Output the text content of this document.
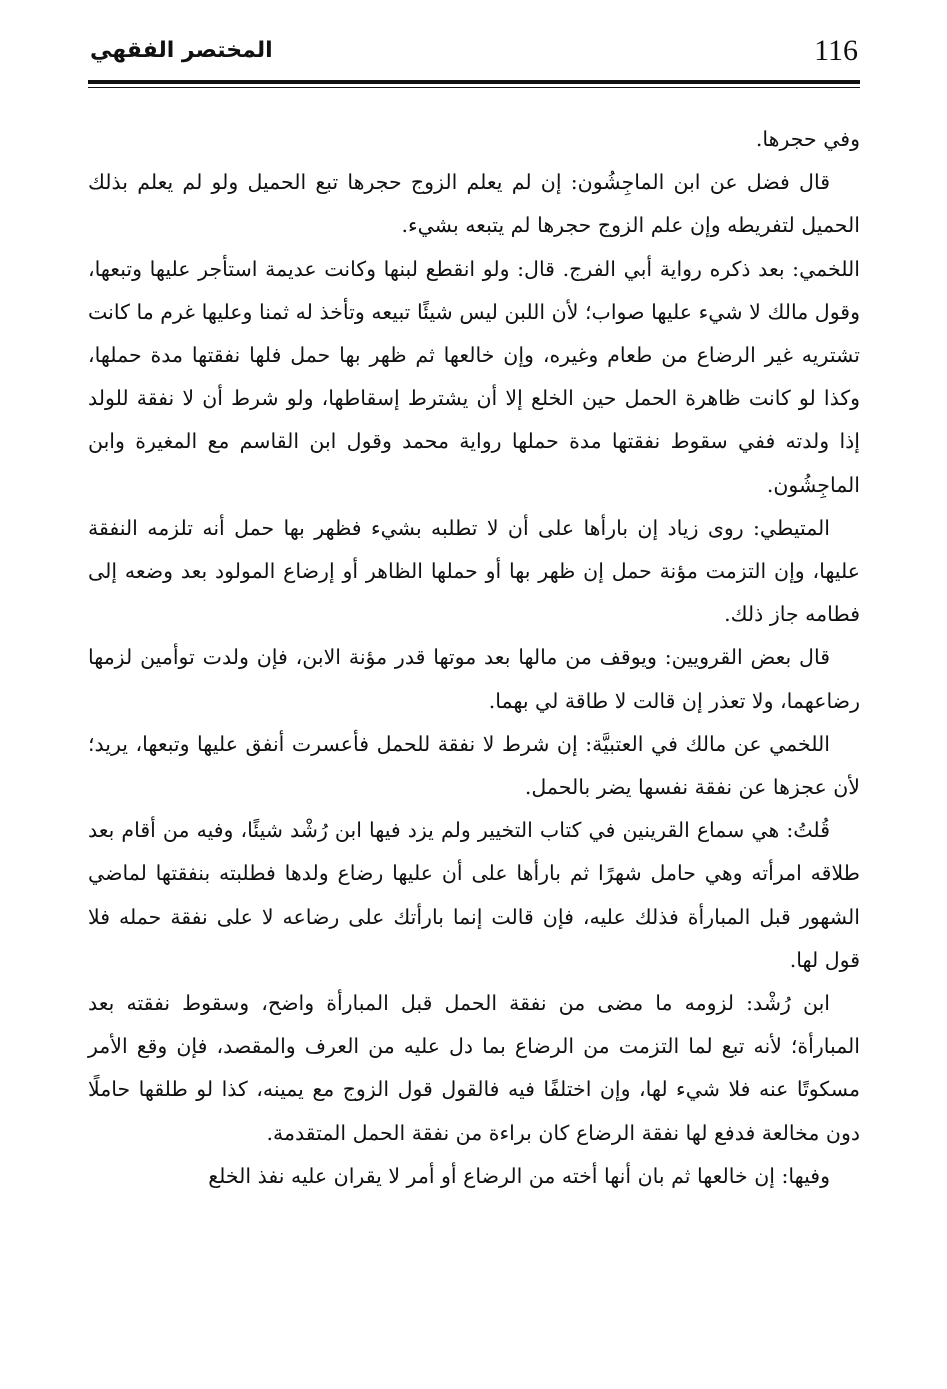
116
المختصر الفقهي

وفي حجرها.

قال فضل عن ابن الماجِشُون: إن لم يعلم الزوج حجرها تبع الحميل ولو لم يعلم بذلك الحميل لتفريطه وإن علم الزوج حجرها لم يتبعه بشيء.

اللخمي: بعد ذكره رواية أبي الفرج. قال: ولو انقطع لبنها وكانت عديمة استأجر عليها وتبعها، وقول مالك لا شيء عليها صواب؛ لأن اللبن ليس شيئًا تبيعه وتأخذ له ثمنا وعليها غرم ما كانت تشتريه غير الرضاع من طعام وغيره، وإن خالعها ثم ظهر بها حمل فلها نفقتها مدة حملها، وكذا لو كانت ظاهرة الحمل حين الخلع إلا أن يشترط إسقاطها، ولو شرط أن لا نفقة للولد إذا ولدته ففي سقوط نفقتها مدة حملها رواية محمد وقول ابن القاسم مع المغيرة وابن الماجِشُون.

المتيطي: روى زياد إن بارأها على أن لا تطلبه بشيء فظهر بها حمل أنه تلزمه النفقة عليها، وإن التزمت مؤنة حمل إن ظهر بها أو حملها الظاهر أو إرضاع المولود بعد وضعه إلى فطامه جاز ذلك.

قال بعض القرويين: ويوقف من مالها بعد موتها قدر مؤنة الابن، فإن ولدت توأمين لزمها رضاعهما، ولا تعذر إن قالت لا طاقة لي بهما.

اللخمي عن مالك في العتبيَّة: إن شرط لا نفقة للحمل فأعسرت أنفق عليها وتبعها، يريد؛ لأن عجزها عن نفقة نفسها يضر بالحمل.

قُلتُ: هي سماع القرينين في كتاب التخيير ولم يزد فيها ابن رُشْد شيئًا، وفيه من أقام بعد طلاقه امرأته وهي حامل شهرًا ثم بارأها على أن عليها رضاع ولدها فطلبته بنفقتها لماضي الشهور قبل المبارأة فذلك عليه، فإن قالت إنما بارأتك على رضاعه لا على نفقة حمله فلا قول لها.

ابن رُشْد: لزومه ما مضى من نفقة الحمل قبل المبارأة واضح، وسقوط نفقته بعد المبارأة؛ لأنه تبع لما التزمت من الرضاع بما دل عليه من العرف والمقصد، فإن وقع الأمر مسكوتًا عنه فلا شيء لها، وإن اختلفًا فيه فالقول قول الزوج مع يمينه، كذا لو طلقها حاملًا دون مخالعة فدفع لها نفقة الرضاع كان براءة من نفقة الحمل المتقدمة.

وفيها: إن خالعها ثم بان أنها أخته من الرضاع أو أمر لا يقران عليه نفذ الخلع
